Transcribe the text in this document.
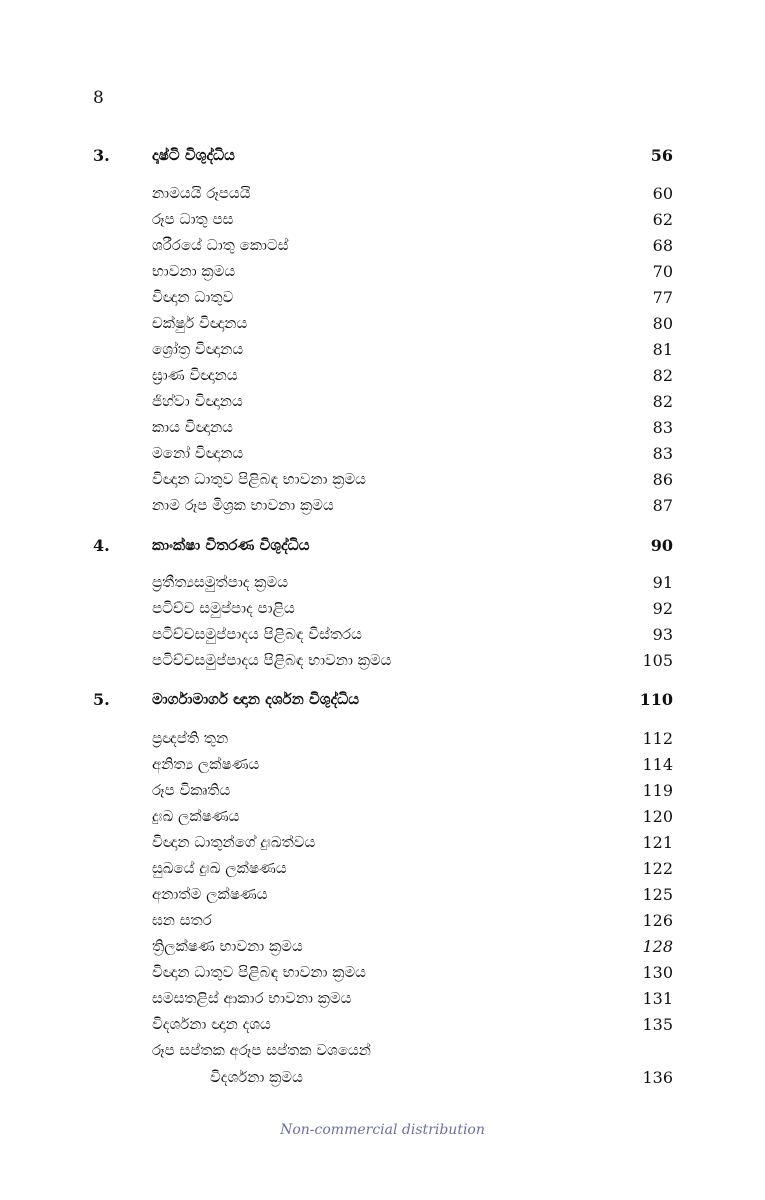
8
3.	දෘෂ්ටි විශුද්ධිය	56
නාමයයි රූපයයි	60
රූප ධාතු පස	62
ශරීරයේ ධාතු කොටස්	68
භාවනා ක්‍රමය	70
විඥාන ධාතුව	77
චක්ෂුර් විඥානය	80
ශ්‍රෝත්‍ර විඥානය	81
ඝ්‍රාණ විඥානය	82
ජිහ්වා විඥානය	82
කාය විඥානය	83
මනෝ විඥානය	83
විඥාන ධාතුව පිළිබඳ භාවනා ක්‍රමය	86
නාම රූප මිශ්‍රක භාවනා ක්‍රමය	87
4.	කාංක්ෂා විතරණ විශුද්ධිය	90
ප්‍රතීත්‍යසමුත්පාද ක්‍රමය	91
පටිච්ච සමුප්පාද පාළිය	92
පටිච්චසමුප්පාදය පිළිබඳ විස්තරය	93
පටිච්චසමුප්පාදය පිළිබඳ භාවනා ක්‍රමය	105
5.	මාර්ගාමාර්ග ඥාන දර්ශන විශුද්ධිය	110
ප්‍රඥප්ති තුන	112
අනිත්‍ය ලක්ෂණය	114
රූප විකෘතිය	119
දුඃඛ ලක්ෂණය	120
විඥාන ධාතුන්ගේ දුඃඛත්වය	121
සුඛයේ දුඃඛ ලක්ෂණය	122
අනාත්ම ලක්ෂණය	125
ඝන සතර	126
ත්‍රිලක්ෂණ භාවනා ක්‍රමය	128
විඥාන ධාතුව පිළිබඳ භාවනා ක්‍රමය	130
සමසතළිස් ආකාර භාවනා ක්‍රමය	131
විදර්ශනා ඥාන දශය	135
රූප සප්තක අරූප සප්තක වශයෙන්
විදර්ශනා ක්‍රමය	136
Non-commercial distribution
